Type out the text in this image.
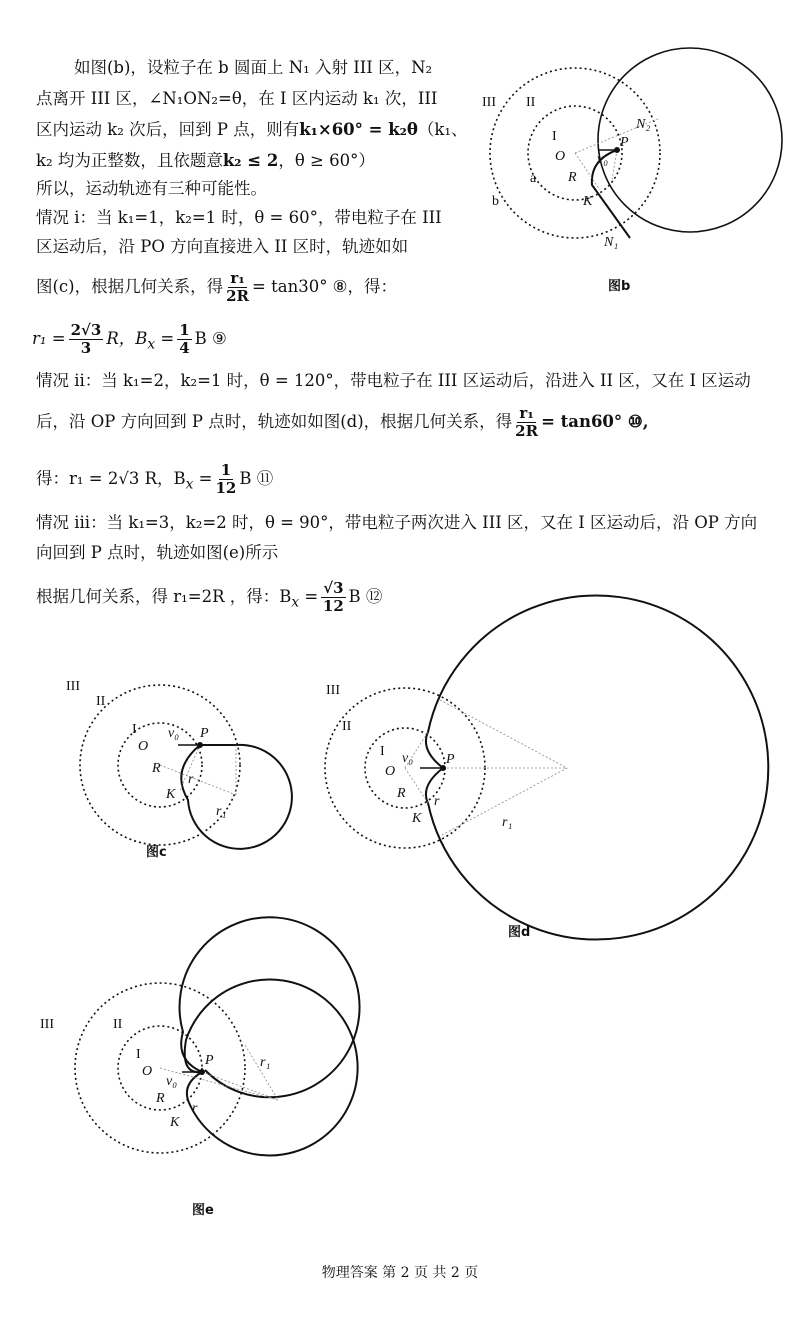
如图(b)，设粒子在 b 圆面上 N₁ 入射 III 区，N₂
点离开 III 区，∠N₁ON₂=θ，在 I 区内运动 k₁ 次，III
区内运动 k₂ 次后，回到 P 点，则有k₁×60° = k₂θ（k₁、
k₂ 均为正整数，且依题意k₂ ≤ 2，θ ≥ 60°）
所以，运动轨迹有三种可能性。
情况 i：当 k₁=1，k₂=1 时，θ = 60°，带电粒子在 III
区运动后，沿 PO 方向直接进入 II 区时，轨迹如如
图(c)，根据几何关系，得 $\frac{\text{r₁}}{2R} = \tan 30^\circ$ ⑧，得：
$r_1 = \frac{2√3}{3}$ R，$B_x = \frac{1}{4}$ B ⑨
情况 ii：当 k₁=2，k₂=1 时，θ = 120°，带电粒子在 III 区运动后，沿进入 II 区，又在 I 区运动
后，沿 OP 方向回到 P 点时，轨迹如如图(d)，根据几何关系，得 $\frac{\text{r₁}}{2R} = \tan 60^\circ$ ⑩,
得：r₁ = 2√3 R，$B_x = \frac{1}{12}$ B ⑪
情况 iii：当 k₁=3，k₂=2 时，θ = 90°，带电粒子两次进入 III 区，又在 I 区运动后，沿 OP 方向
向回到 P 点时，轨迹如图(e)所示
根据几何关系，得 r₁=2R ，得：$B_x = \frac{√3}{12}$ B ⑫
III II
I
O
P
N₂
v₀
R
a
b	K
N₁
图b
III
II
I
O
v₀ P
R
r
K
r₁
图c
III
II
I v₀
O
P
R
r
K	r₁
图d
III	II
I
O
P
v₀
R
r
K
r₁
图e
物理答案 第 2 页 共 2 页
